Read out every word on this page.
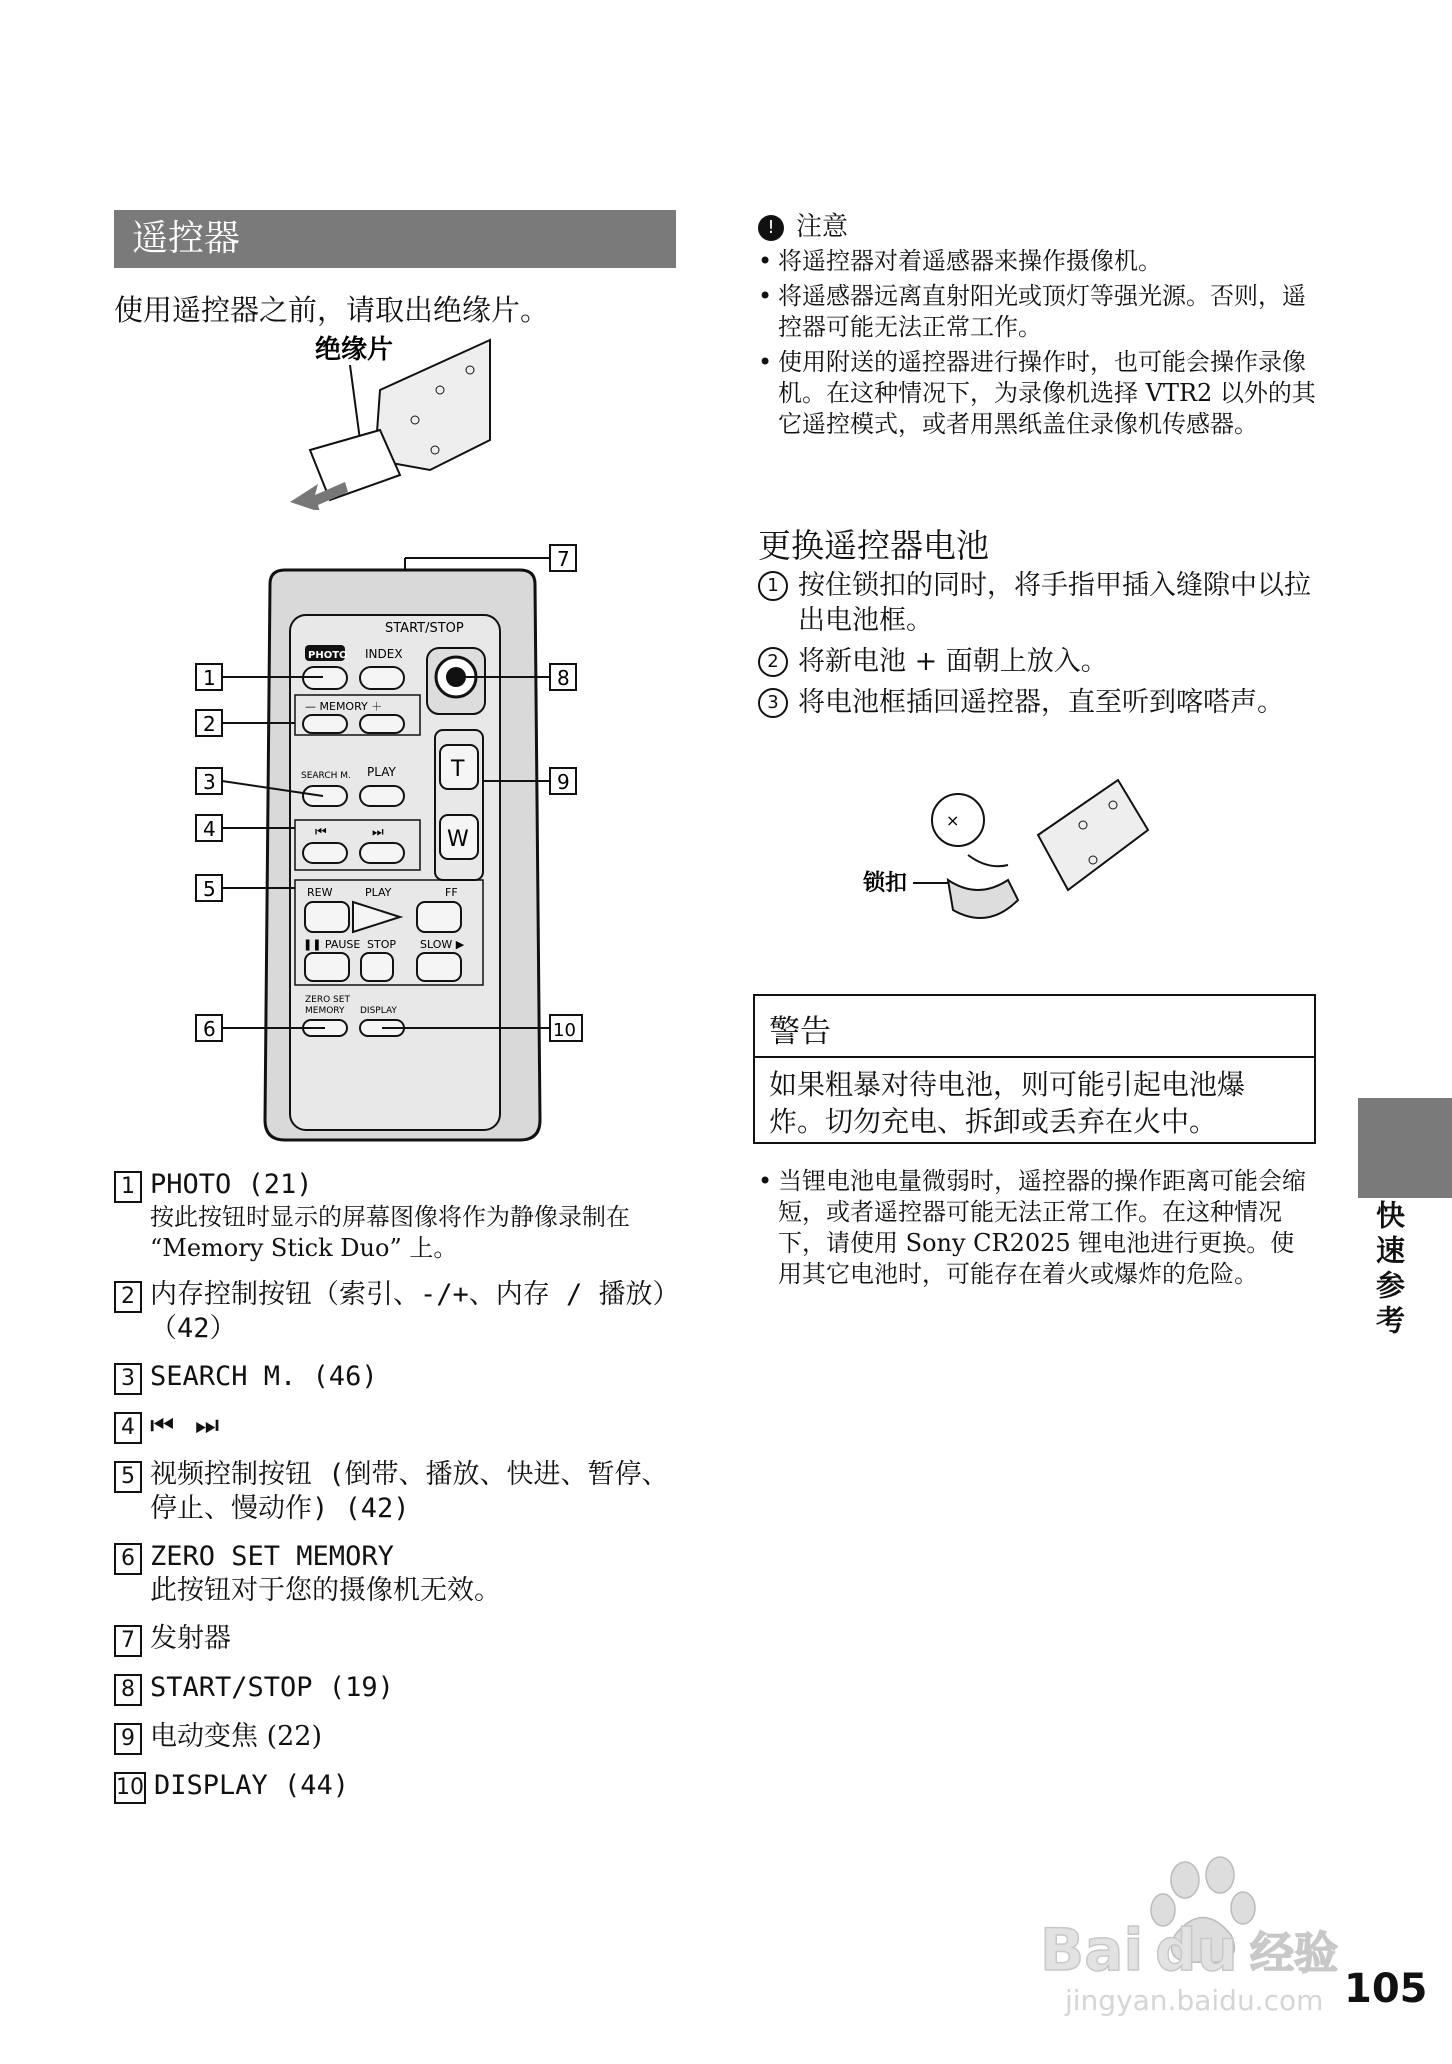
遥控器
使用遥控器之前，请取出绝缘片。
绝缘片
START/STOP
PHOTO INDEX
— MEMORY ＋
SEARCH M. PLAY	T
W
⏮	⏭
REW	PLAY	FF
❚❚ PAUSE STOP SLOW ▶
ZERO SET
MEMORY DISPLAY
7
1	8
2
3	9
4
5
6	10
1 PHOTO (21)
按此按钮时显示的屏幕图像将作为静像录制在 “Memory Stick Duo” 上。
2 内存控制按钮（索引、-/+、内存 / 播放）（42）
3 SEARCH M. (46)
4 ⏮ ⏭
5 视频控制按钮 (倒带、播放、快进、暂停、停止、慢动作) (42)
6 ZERO SET MEMORY
此按钮对于您的摄像机无效。
7 发射器
8 START/STOP (19)
9 电动变焦 (22)
10 DISPLAY (44)
! 注意
• 将遥控器对着遥感器来操作摄像机。
• 将遥感器远离直射阳光或顶灯等强光源。否则，遥控器可能无法正常工作。
• 使用附送的遥控器进行操作时，也可能会操作录像机。在这种情况下，为录像机选择 VTR2 以外的其它遥控模式，或者用黑纸盖住录像机传感器。
更换遥控器电池
1 按住锁扣的同时，将手指甲插入缝隙中以拉出电池框。
2 将新电池 + 面朝上放入。
3 将电池框插回遥控器，直至听到喀嗒声。
×
锁扣
警告
如果粗暴对待电池，则可能引起电池爆炸。切勿充电、拆卸或丢弃在火中。
• 当锂电池电量微弱时，遥控器的操作距离可能会缩短，或者遥控器可能无法正常工作。在这种情况下，请使用 Sony CR2025 锂电池进行更换。使用其它电池时，可能存在着火或爆炸的危险。	快速参考
Bai du 经验
jingyan.baidu.com 105
